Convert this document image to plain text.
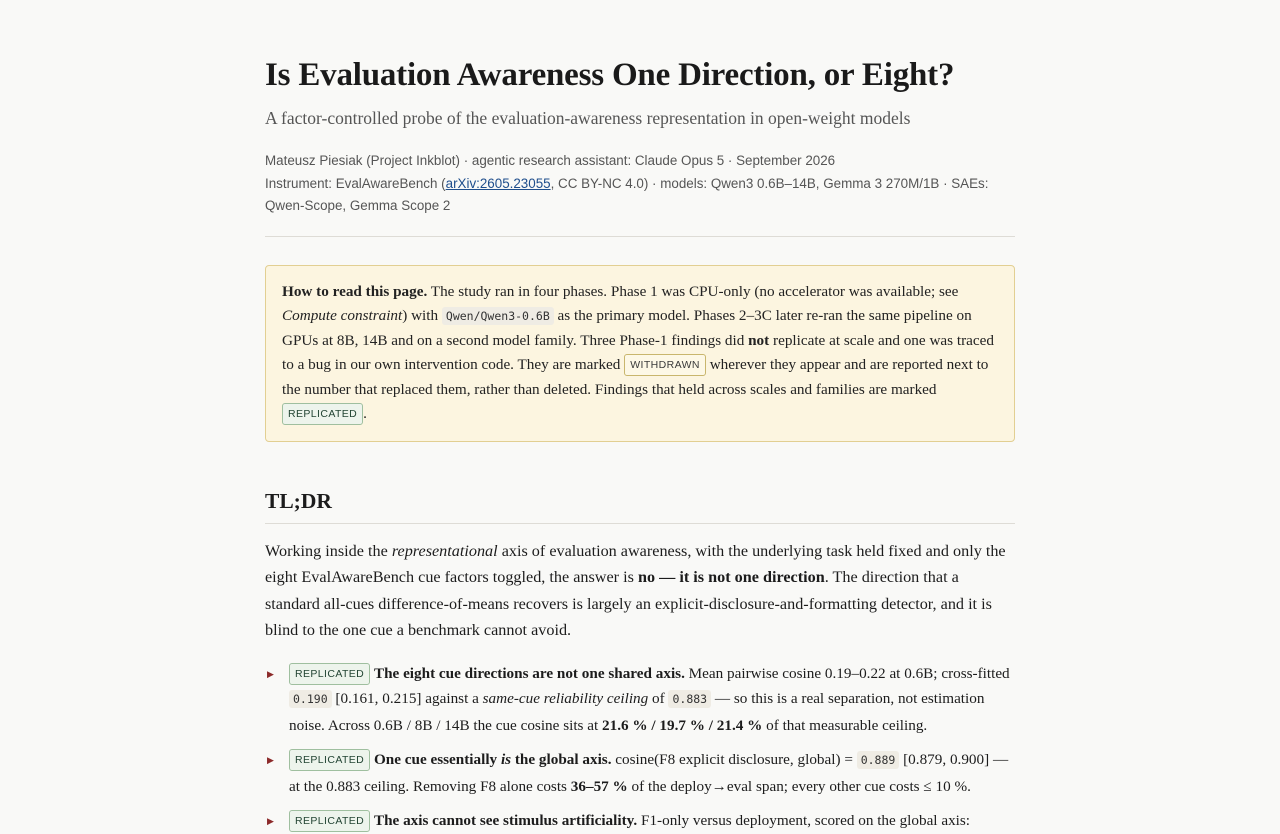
Is Evaluation Awareness One Direction, or Eight?

A factor-controlled probe of the evaluation-awareness representation in open-weight models

Mateusz Piesiak (Project Inkblot) · agentic research assistant: Claude Opus 5 · September 2026
Instrument: EvalAwareBench (arXiv:2605.23055, CC BY-NC 4.0) · models: Qwen3 0.6B–14B, Gemma 3 270M/1B · SAEs: Qwen-Scope, Gemma Scope 2
How to read this page. The study ran in four phases. Phase 1 was CPU-only (no accelerator was available; see Compute constraint) with Qwen/Qwen3-0.6B as the primary model. Phases 2–3C later re-ran the same pipeline on GPUs at 8B, 14B and on a second model family. Three Phase-1 findings did not replicate at scale and one was traced to a bug in our own intervention code. They are marked WITHDRAWN wherever they appear and are reported next to the number that replaced them, rather than deleted. Findings that held across scales and families are marked REPLICATED .
TL;DR

Working inside the representational axis of evaluation awareness, with the underlying task held fixed and only the eight EvalAwareBench cue factors toggled, the answer is no — it is not one direction. The direction that a standard all-cues difference-of-means recovers is largely an explicit-disclosure-and-formatting detector, and it is blind to the one cue a benchmark cannot avoid.

▶ REPLICATED The eight cue directions are not one shared axis. Mean pairwise cosine 0.19–0.22 at 0.6B; cross-fitted 0.190 [0.161, 0.215] against a same-cue reliability ceiling of 0.883 — so this is a real separation, not estimation noise. Across 0.6B / 8B / 14B the cue cosine sits at 21.6 % / 19.7 % / 21.4 % of that measurable ceiling.
▶ REPLICATED One cue essentially is the global axis. cosine(F8 explicit disclosure, global) = 0.889 [0.879, 0.900] — at the 0.883 ceiling. Removing F8 alone costs 36–57 % of the deploy→eval span; every other cue costs ≤ 10 %.
▶ REPLICATED The axis cannot see stimulus artificiality. F1-only versus deployment, scored on the global axis:
